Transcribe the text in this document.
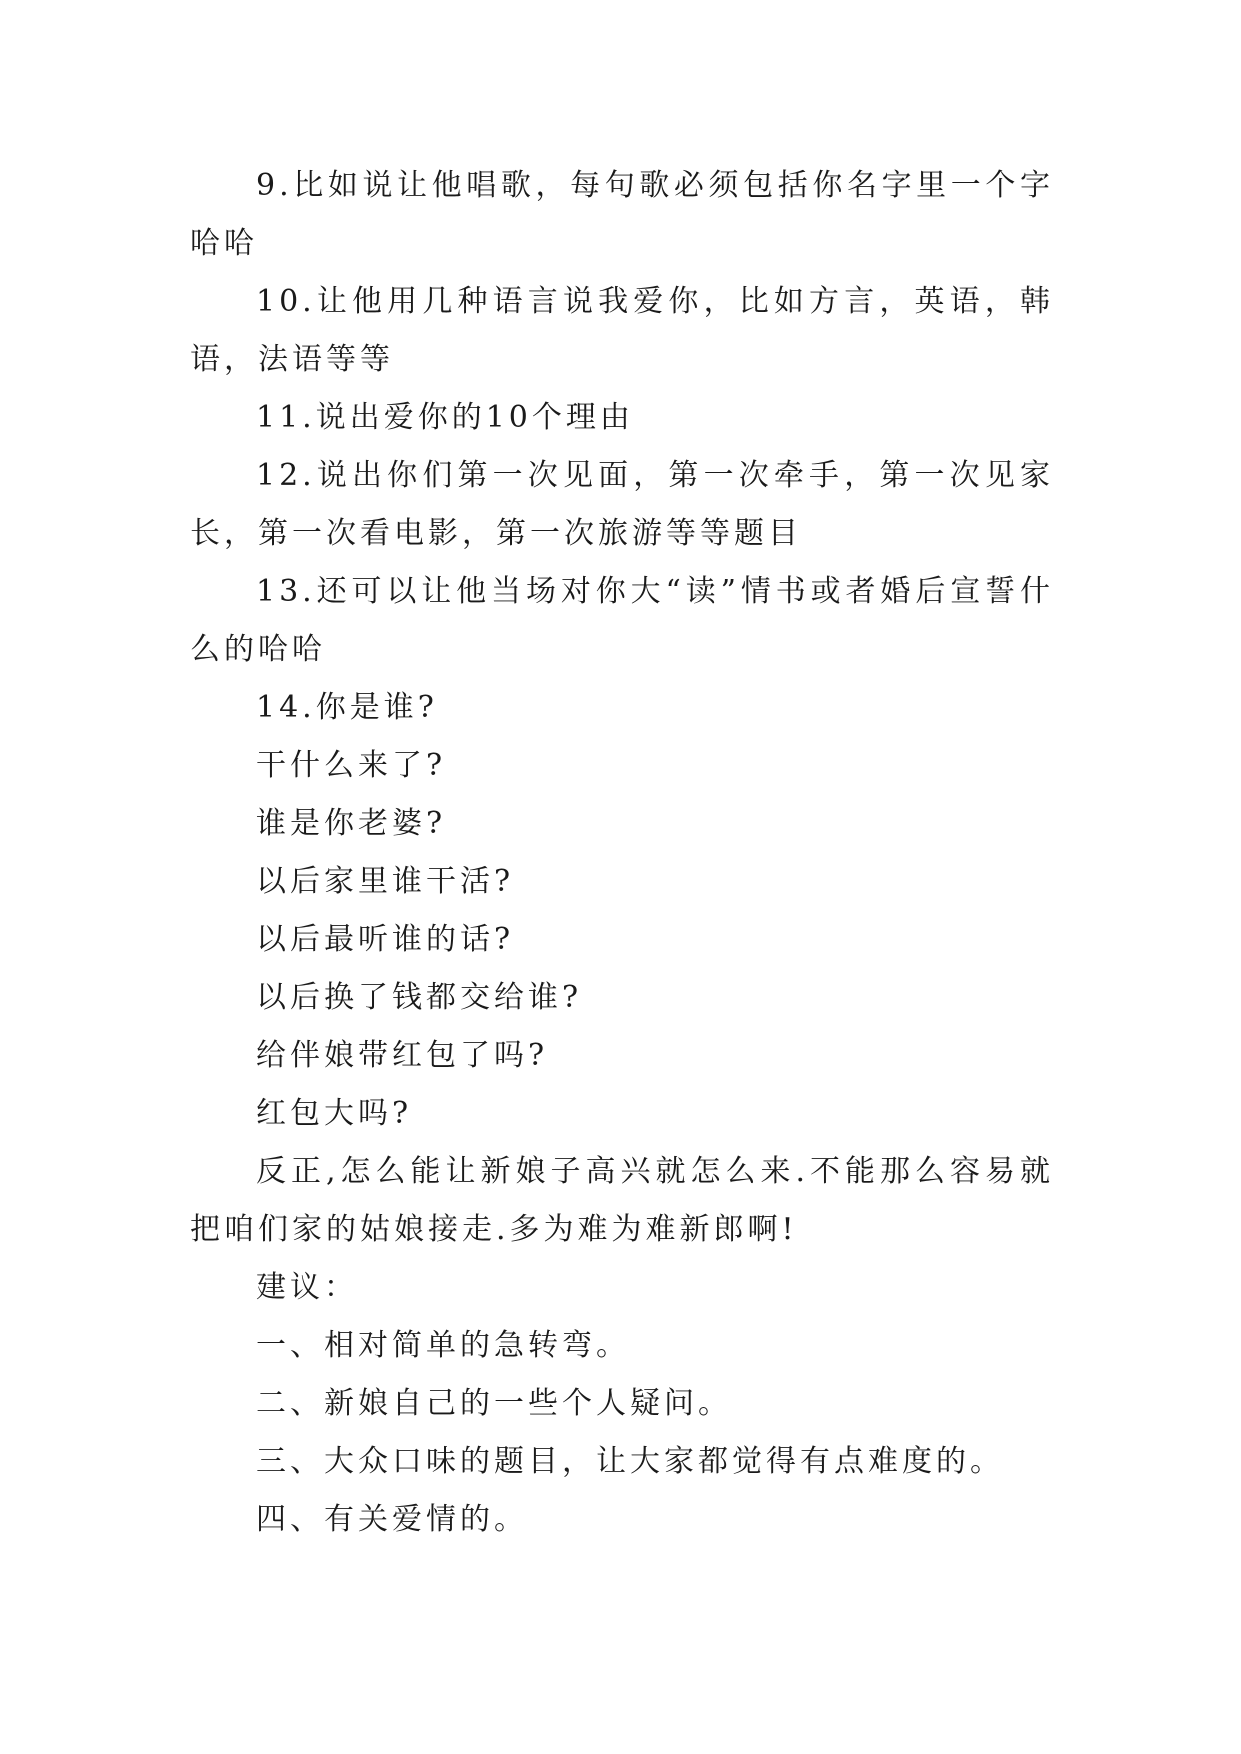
9.比如说让他唱歌，每句歌必须包括你名字里一个字哈哈

10.让他用几种语言说我爱你，比如方言，英语，韩语，法语等等

11.说出爱你的10个理由

12.说出你们第一次见面，第一次牵手，第一次见家长，第一次看电影，第一次旅游等等题目

13.还可以让他当场对你大“读”情书或者婚后宣誓什么的哈哈

14.你是谁?

干什么来了?

谁是你老婆?

以后家里谁干活?

以后最听谁的话?

以后换了钱都交给谁?

给伴娘带红包了吗?

红包大吗?

反正,怎么能让新娘子高兴就怎么来.不能那么容易就把咱们家的姑娘接走.多为难为难新郎啊!

建议：

一、相对简单的急转弯。

二、新娘自己的一些个人疑问。

三、大众口味的题目，让大家都觉得有点难度的。

四、有关爱情的。
